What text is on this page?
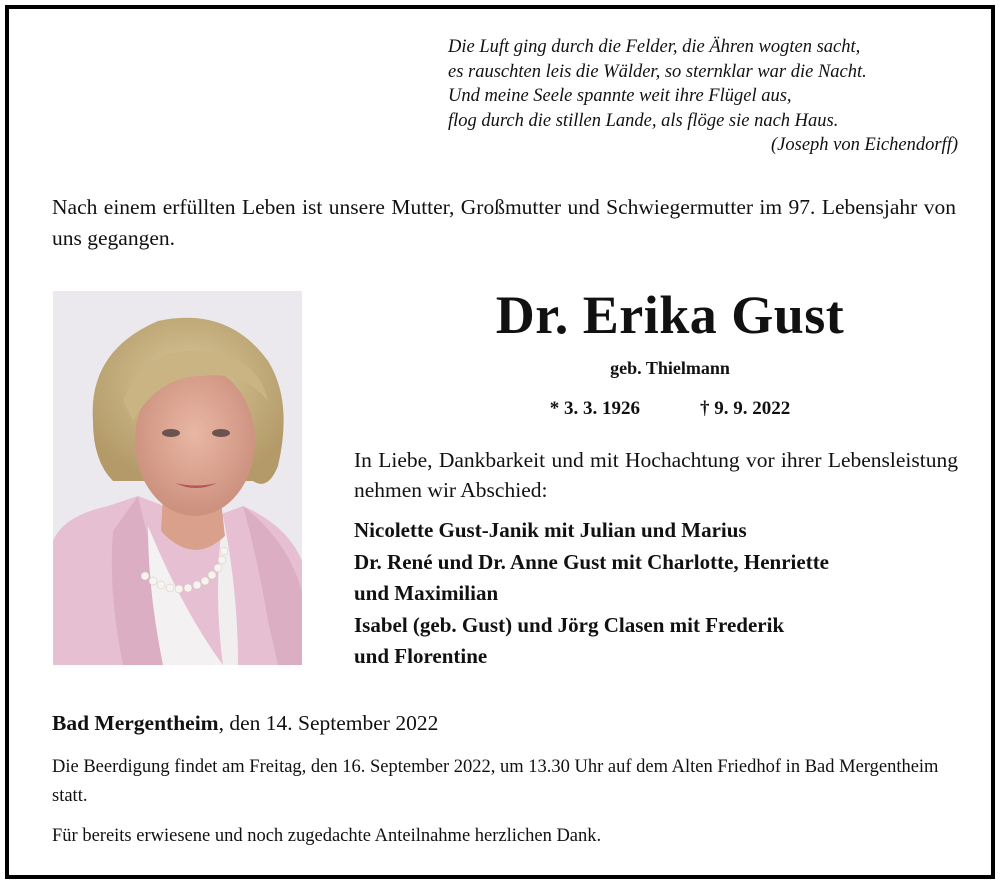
Die Luft ging durch die Felder, die Ähren wogten sacht,
es rauschten leis die Wälder, so sternklar war die Nacht.
Und meine Seele spannte weit ihre Flügel aus,
flog durch die stillen Lande, als flöge sie nach Haus.
(Joseph von Eichendorff)
Nach einem erfüllten Leben ist unsere Mutter, Großmutter und Schwiegermutter im 97. Lebensjahr von uns gegangen.
Dr. Erika Gust
geb. Thielmann
* 3. 3. 1926	† 9. 9. 2022
In Liebe, Dankbarkeit und mit Hochachtung vor ihrer Lebensleistung nehmen wir Abschied:
Nicolette Gust-Janik mit Julian und Marius
Dr. René und Dr. Anne Gust mit Charlotte, Henriette
und Maximilian
Isabel (geb. Gust) und Jörg Clasen mit Frederik
und Florentine
Bad Mergentheim, den 14. September 2022
Die Beerdigung findet am Freitag, den 16. September 2022, um 13.30 Uhr auf dem Alten Friedhof in Bad Mergentheim statt.
Für bereits erwiesene und noch zugedachte Anteilnahme herzlichen Dank.
